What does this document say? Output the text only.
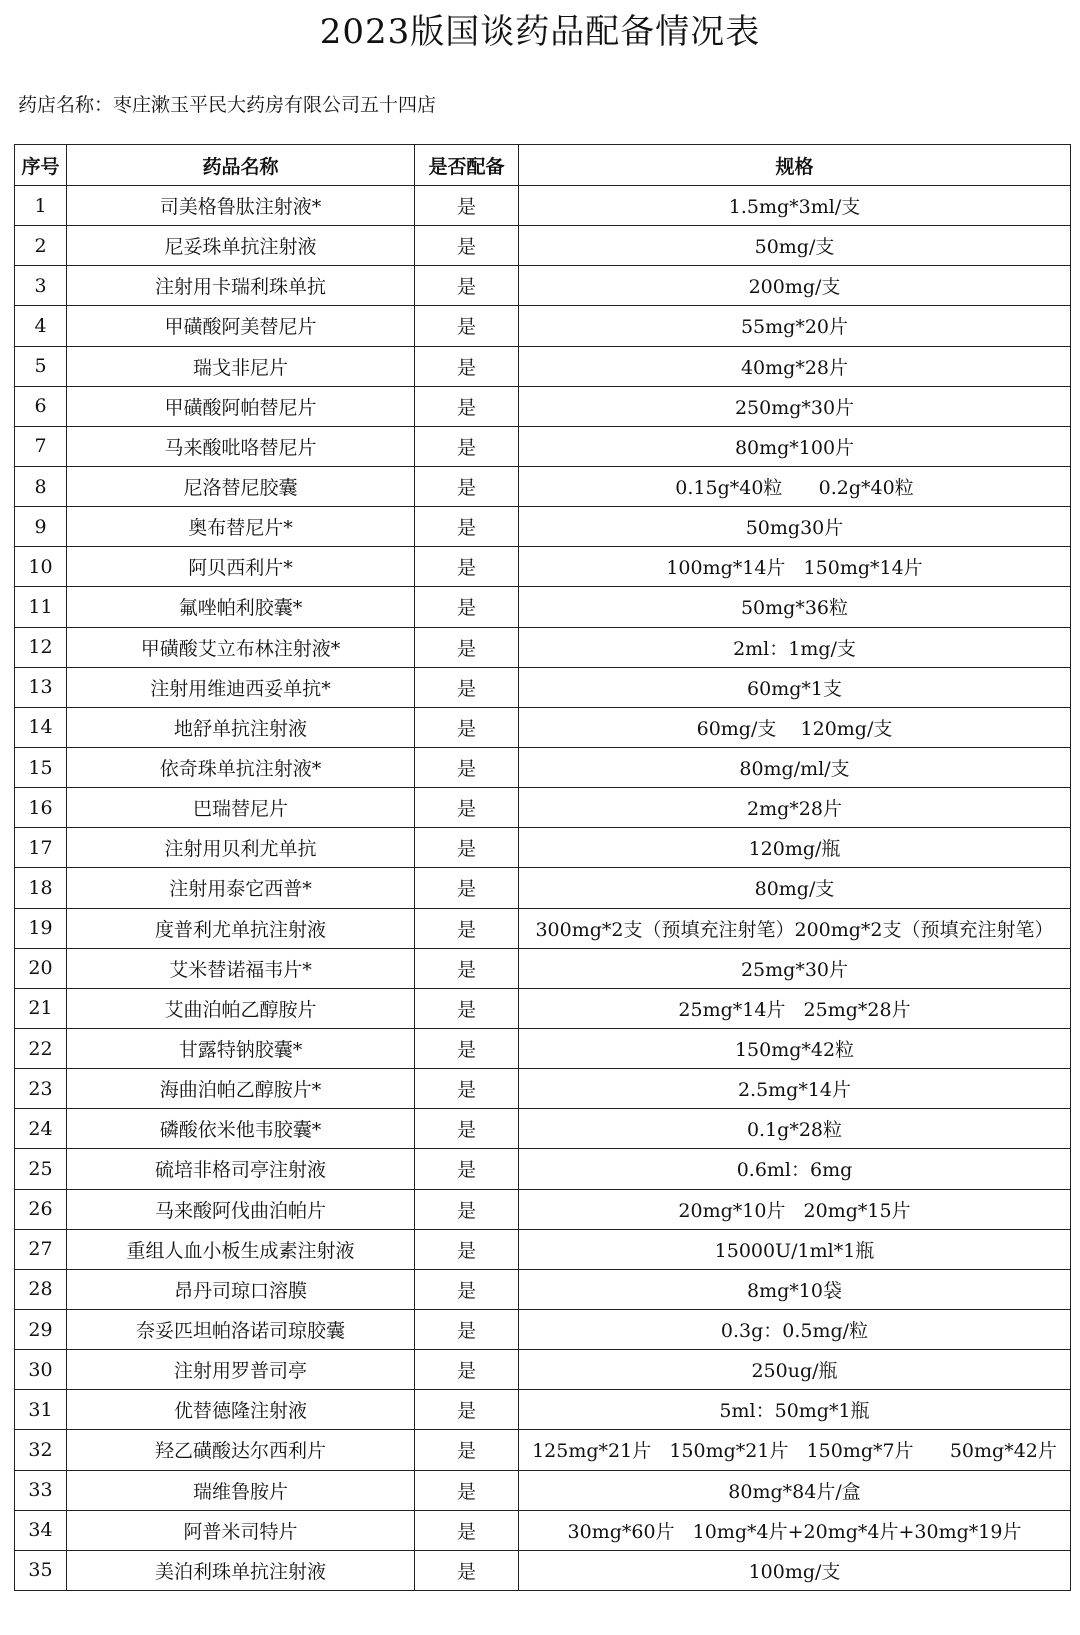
2023版国谈药品配备情况表
药店名称：枣庄漱玉平民大药房有限公司五十四店
序号	药品名称	是否配备	规格
1	司美格鲁肽注射液*	是	1.5mg*3ml/支
2	尼妥珠单抗注射液	是	50mg/支
3	注射用卡瑞利珠单抗	是	200mg/支
4	甲磺酸阿美替尼片	是	55mg*20片
5	瑞戈非尼片	是	40mg*28片
6	甲磺酸阿帕替尼片	是	250mg*30片
7	马来酸吡咯替尼片	是	80mg*100片
8	尼洛替尼胶囊	是	0.15g*40粒      0.2g*40粒
9	奥布替尼片*	是	50mg30片
10	阿贝西利片*	是	100mg*14片   150mg*14片
11	氟唑帕利胶囊*	是	50mg*36粒
12	甲磺酸艾立布林注射液*	是	2ml：1mg/支
13	注射用维迪西妥单抗*	是	60mg*1支
14	地舒单抗注射液	是	60mg/支    120mg/支
15	依奇珠单抗注射液*	是	80mg/ml/支
16	巴瑞替尼片	是	2mg*28片
17	注射用贝利尤单抗	是	120mg/瓶
18	注射用泰它西普*	是	80mg/支
19	度普利尤单抗注射液	是	300mg*2支（预填充注射笔）200mg*2支（预填充注射笔）
20	艾米替诺福韦片*	是	25mg*30片
21	艾曲泊帕乙醇胺片	是	25mg*14片   25mg*28片
22	甘露特钠胶囊*	是	150mg*42粒
23	海曲泊帕乙醇胺片*	是	2.5mg*14片
24	磷酸依米他韦胶囊*	是	0.1g*28粒
25	硫培非格司亭注射液	是	0.6ml：6mg
26	马来酸阿伐曲泊帕片	是	20mg*10片   20mg*15片
27	重组人血小板生成素注射液	是	15000U/1ml*1瓶
28	昂丹司琼口溶膜	是	8mg*10袋
29	奈妥匹坦帕洛诺司琼胶囊	是	0.3g：0.5mg/粒
30	注射用罗普司亭	是	250ug/瓶
31	优替德隆注射液	是	5ml：50mg*1瓶
32	羟乙磺酸达尔西利片	是	125mg*21片   150mg*21片   150mg*7片      50mg*42片
33	瑞维鲁胺片	是	80mg*84片/盒
34	阿普米司特片	是	30mg*60片   10mg*4片+20mg*4片+30mg*19片
35	美泊利珠单抗注射液	是	100mg/支
